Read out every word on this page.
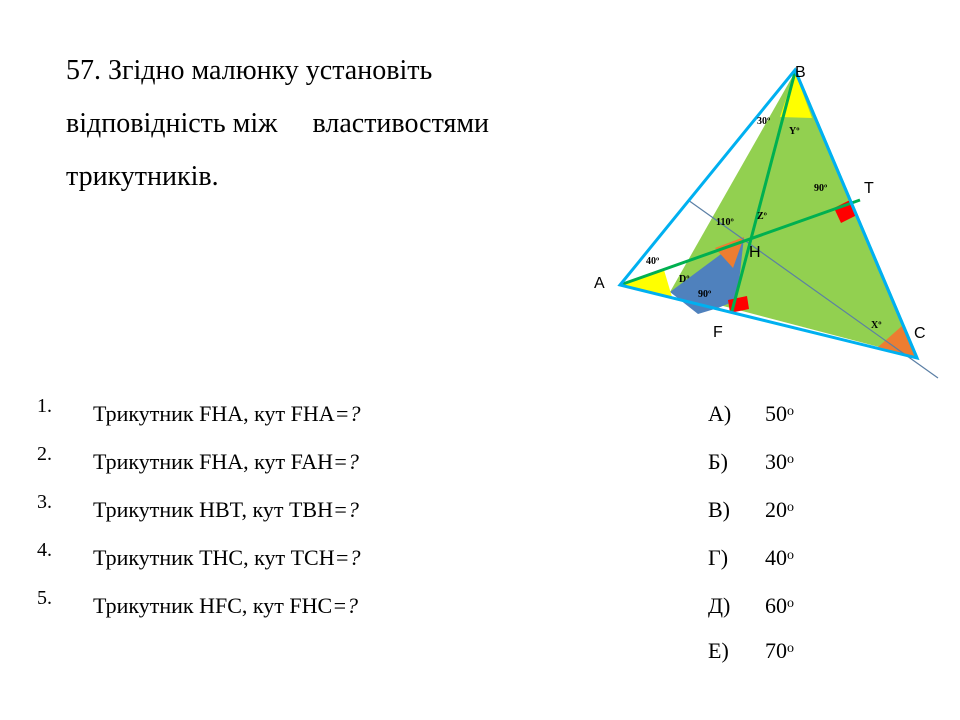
57. Згідно малюнку установіть
відповідність між     властивостями
трикутників.
B
T
H
A
F	C
30º
Yº
90º
Zº
110º
40º
Dº
90º
Xº
1. Трикутник FHA, кут FHA=?
2. Трикутник FHA, кут FAH=?
3. Трикутник HBT, кут TBH=?
4. Трикутник THC, кут TCH=?
5. Трикутник HFC, кут FHC=?
А) $50^о$
Б) $30^о$
В) $20^о$
Г) $40^о$
Д) $60^о$
Е) $70^о$
